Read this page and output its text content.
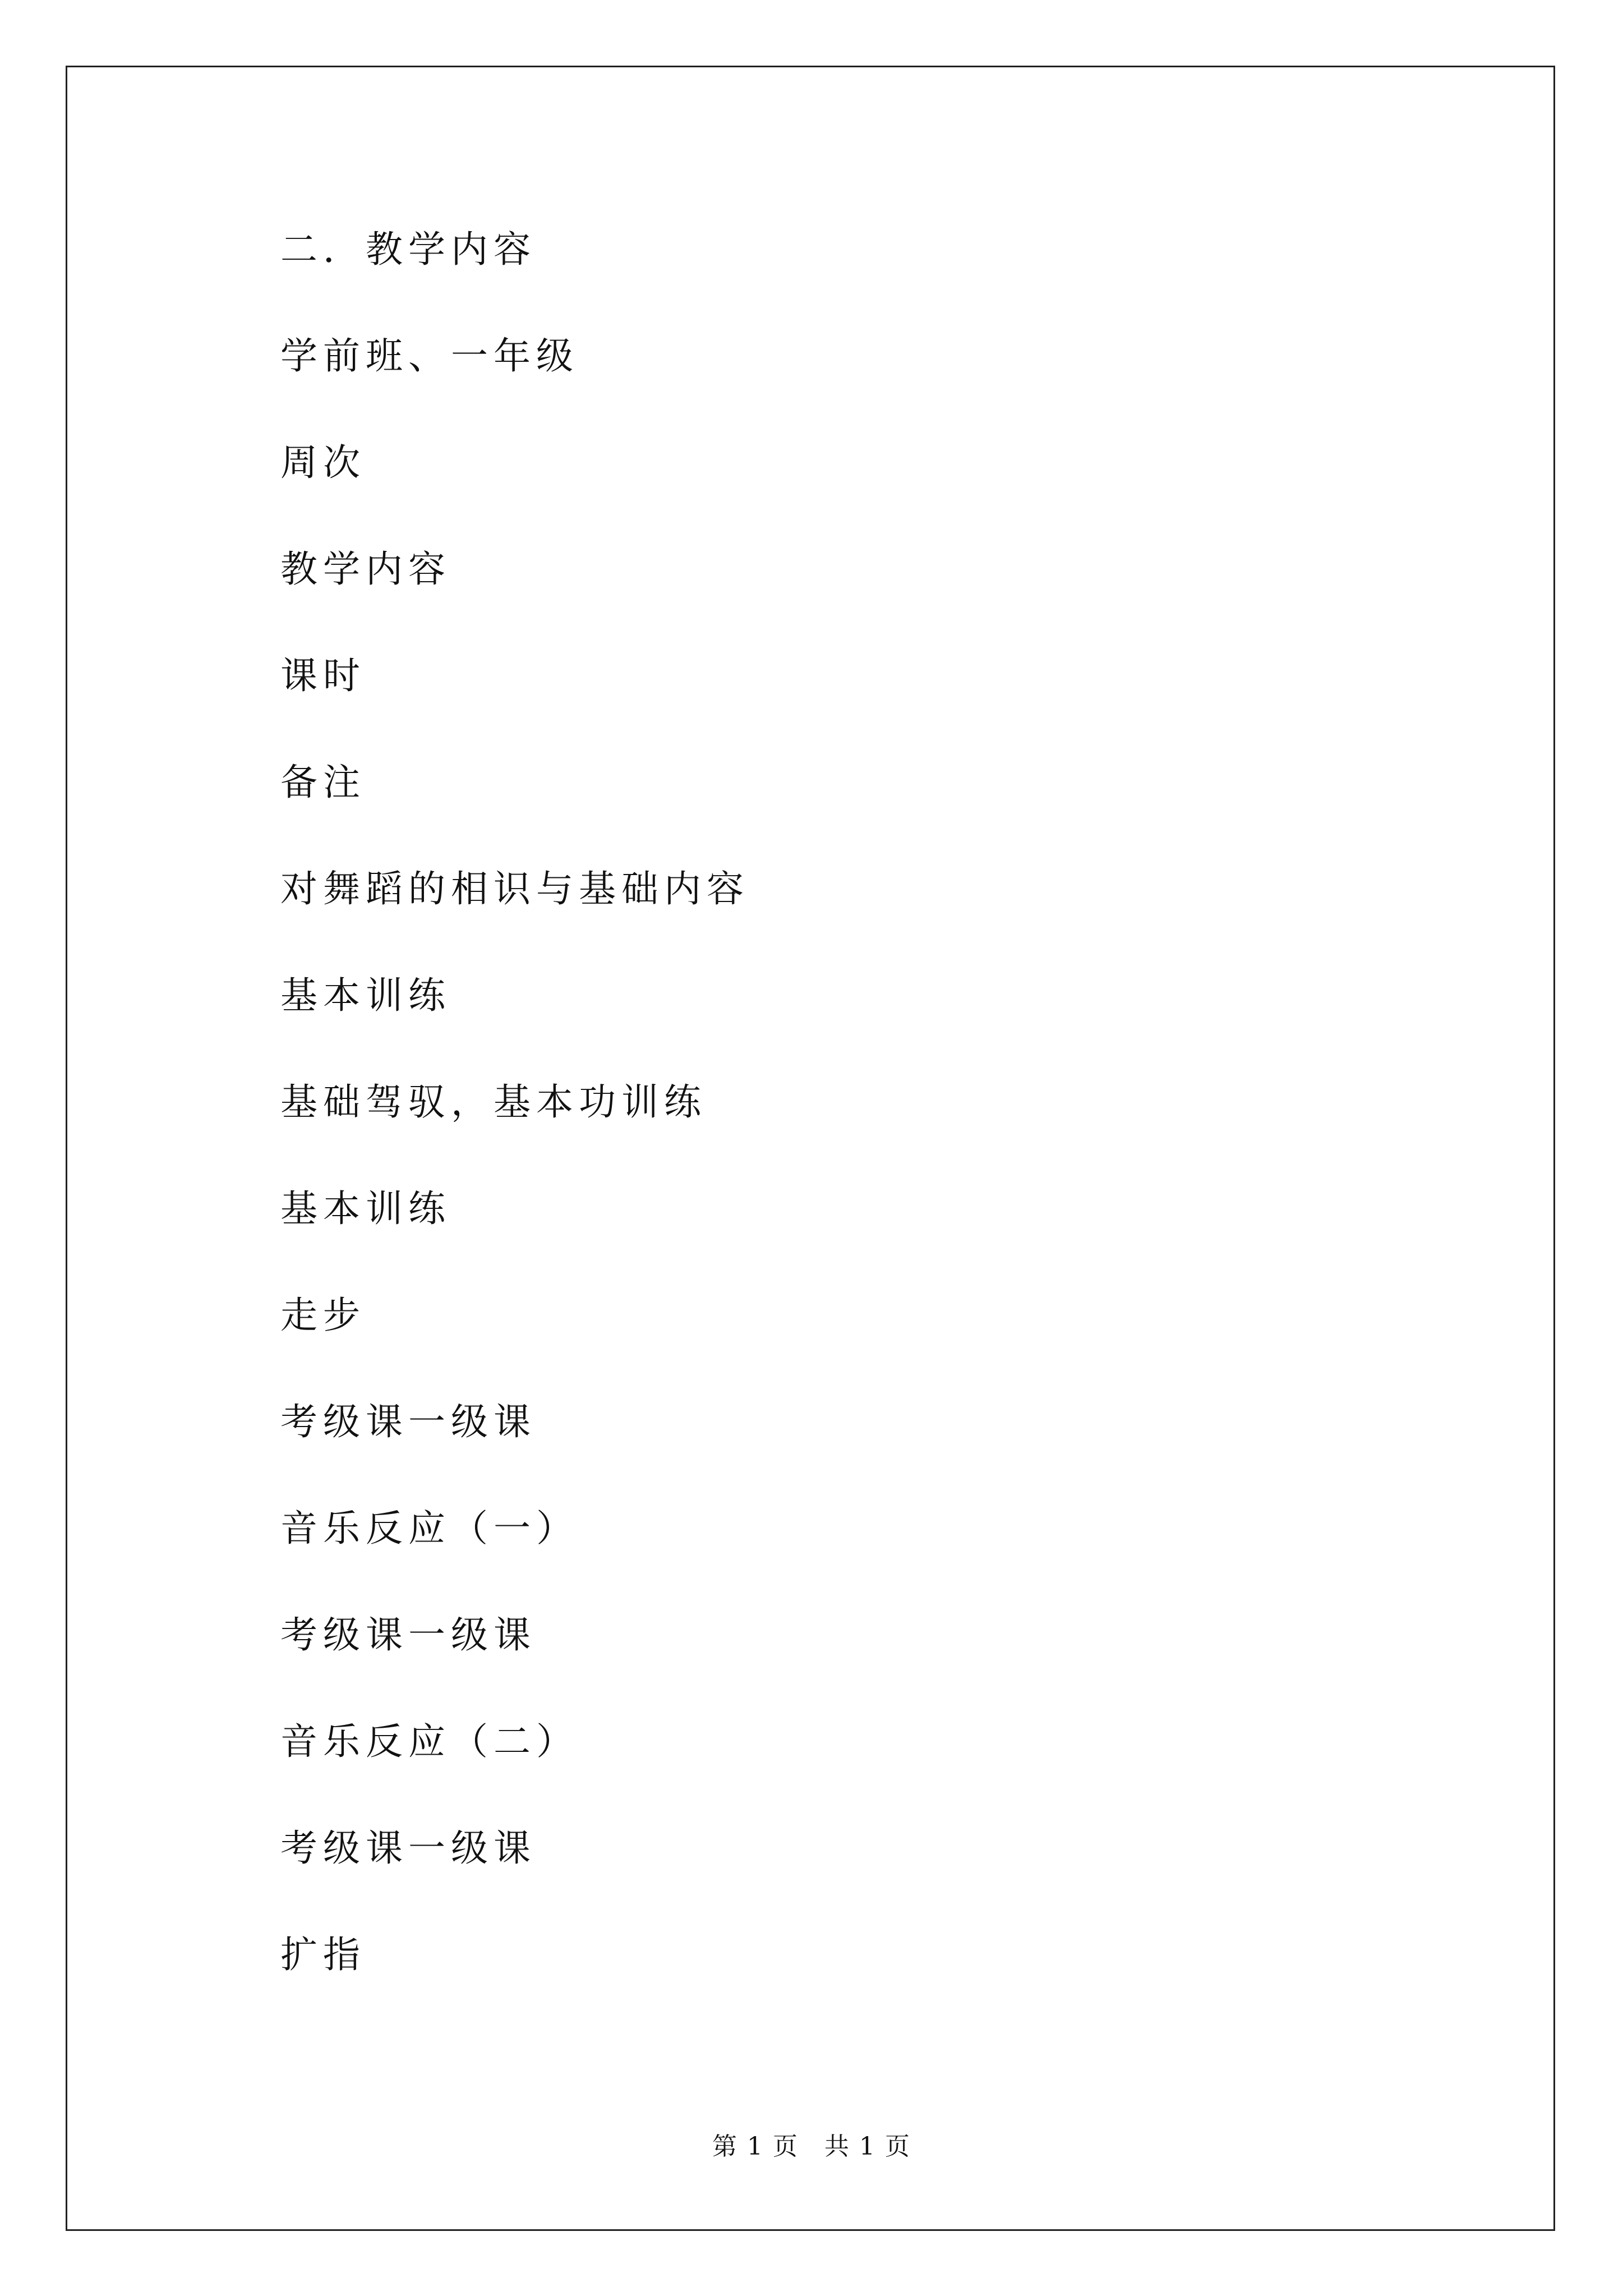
二．教学内容
学前班、一年级
周次
教学内容
课时
备注
对舞蹈的相识与基础内容
基本训练
基础驾驭，基本功训练
基本训练
走步
考级课一级课
音乐反应（一）
考级课一级课
音乐反应（二）
考级课一级课
扩指
第 1 页　共 1 页
